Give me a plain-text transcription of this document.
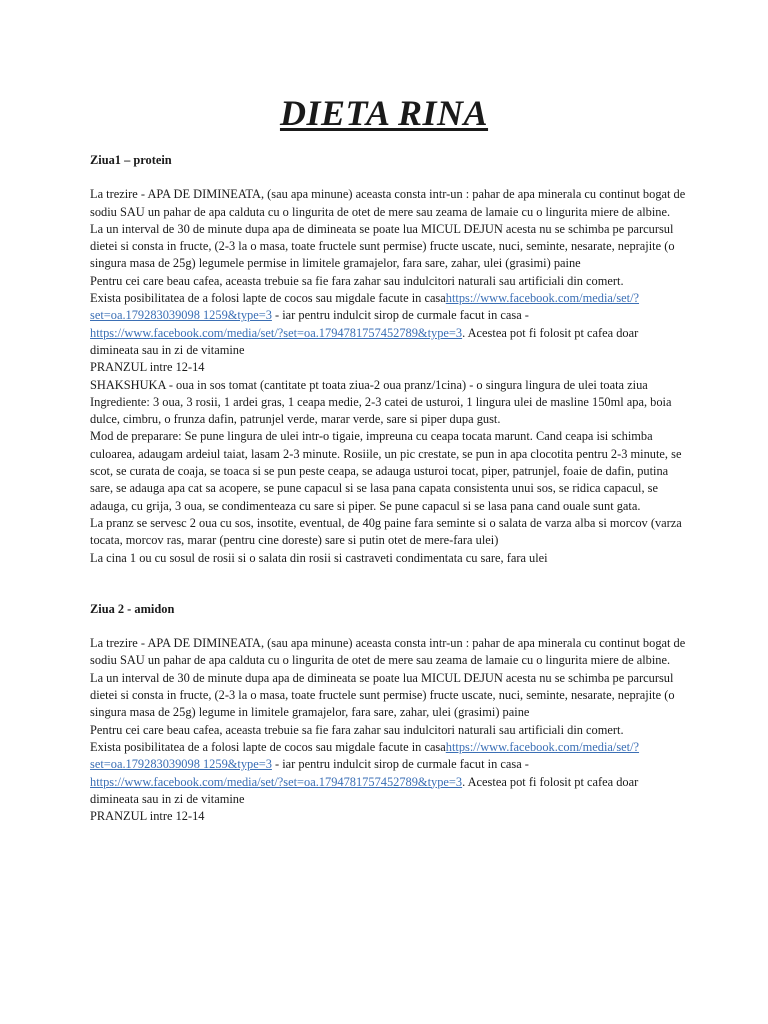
DIETA RINA

Ziua1 – protein

La trezire - APA DE DIMINEATA, (sau apa minune) aceasta consta intr-un : pahar de apa minerala cu continut bogat de sodiu SAU un pahar de apa calduta cu o lingurita de otet de mere sau zeama de lamaie cu o lingurita miere de albine.

La un interval de 30 de minute dupa apa de dimineata se poate lua MICUL DEJUN acesta nu se schimba pe parcursul dietei si consta in fructe, (2-3 la o masa, toate fructele sunt permise) fructe uscate, nuci, seminte, nesarate, neprajite (o singura masa de 25g) legumele permise in limitele gramajelor, fara sare, zahar, ulei (grasimi) paine

Pentru cei care beau cafea, aceasta trebuie sa fie fara zahar sau indulcitori naturali sau artificiali din comert.

Exista posibilitatea de a folosi lapte de cocos sau migdale facute in casahttps://www.facebook.com/media/set/?set=oa.179283039098 1259&type=3 - iar pentru indulcit sirop de curmale facut in casa -https://www.facebook.com/media/set/?set=oa.1794781757452789&type=3. Acestea pot fi folosit pt cafea doar dimineata sau in zi de vitamine

PRANZUL intre 12-14

SHAKSHUKA - oua in sos tomat (cantitate pt toata ziua-2 oua pranz/1cina) - o singura lingura de ulei toata ziua

Ingrediente: 3 oua, 3 rosii, 1 ardei gras, 1 ceapa medie, 2-3 catei de usturoi, 1 lingura ulei de masline 150ml apa, boia dulce, cimbru, o frunza dafin, patrunjel verde, marar verde, sare si piper dupa gust.

Mod de preparare: Se pune lingura de ulei intr-o tigaie, impreuna cu ceapa tocata marunt. Cand ceapa isi schimba culoarea, adaugam ardeiul taiat, lasam 2-3 minute. Rosiile, un pic crestate, se pun in apa clocotita pentru 2-3 minute, se scot, se curata de coaja, se toaca si se pun peste ceapa, se adauga usturoi tocat, piper, patrunjel, foaie de dafin, putina sare, se adauga apa cat sa acopere, se pune capacul si se lasa pana capata consistenta unui sos, se ridica capacul, se adauga, cu grija, 3 oua, se condimenteaza cu sare si piper. Se pune capacul si se lasa pana cand ouale sunt gata.

La pranz se servesc 2 oua cu sos, insotite, eventual, de 40g paine fara seminte si o salata de varza alba si morcov (varza tocata, morcov ras, marar (pentru cine doreste) sare si putin otet de mere-fara ulei)

La cina 1 ou cu sosul de rosii si o salata din rosii si castraveti condimentata cu sare, fara ulei

Ziua 2 - amidon

La trezire - APA DE DIMINEATA, (sau apa minune) aceasta consta intr-un : pahar de apa minerala cu continut bogat de sodiu SAU un pahar de apa calduta cu o lingurita de otet de mere sau zeama de lamaie cu o lingurita miere de albine.

La un interval de 30 de minute dupa apa de dimineata se poate lua MICUL DEJUN acesta nu se schimba pe parcursul dietei si consta in fructe, (2-3 la o masa, toate fructele sunt permise) fructe uscate, nuci, seminte, nesarate, neprajite (o singura masa de 25g) legume in limitele gramajelor, fara sare, zahar, ulei (grasimi) paine

Pentru cei care beau cafea, aceasta trebuie sa fie fara zahar sau indulcitori naturali sau artificiali din comert.

Exista posibilitatea de a folosi lapte de cocos sau migdale facute in casahttps://www.facebook.com/media/set/?set=oa.179283039098 1259&type=3 - iar pentru indulcit sirop de curmale facut in casa -https://www.facebook.com/media/set/?set=oa.1794781757452789&type=3. Acestea pot fi folosit pt cafea doar dimineata sau in zi de vitamine

PRANZUL intre 12-14
